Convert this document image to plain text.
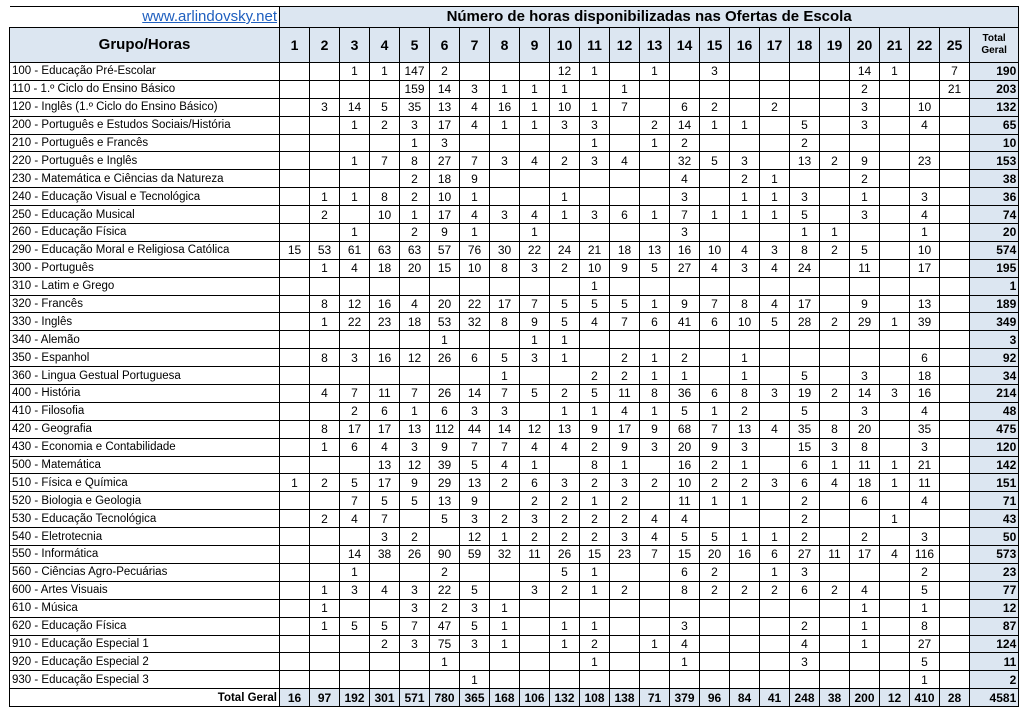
www.arlindovsky.net	Número de horas disponibilizadas nas Ofertas de Escola																							
Grupo/Horas	1	2	3	4	5	6	7	8	9	10	11	12	13	14	15	16	17	18	19	20	21	22	25	Total
Geral
100 - Educação Pré-Escolar			1	1	147	2				12	1		1		3					14	1		7	190
110 - 1.º Ciclo do Ensino Básico					159	14	3	1	1	1		1								2			21	203
120 - Inglês (1.º Ciclo do Ensino Básico)		3	14	5	35	13	4	16	1	10	1	7		6	2		2			3		10		132
200 - Português e Estudos Sociais/História			1	2	3	17	4	1	1	3	3		2	14	1	1		5		3		4		65
210 - Português e Francês					1	3					1		1	2				2						10
220 - Português e Inglês			1	7	8	27	7	3	4	2	3	4		32	5	3		13	2	9		23		153
230 - Matemática e Ciências da Natureza					2	18	9							4		2	1			2				38
240 - Educação Visual e Tecnológica		1	1	8	2	10	1			1				3		1	1	3		1		3		36
250 - Educação Musical		2		10	1	17	4	3	4	1	3	6	1	7	1	1	1	5		3		4		74
260 - Educação Física			1		2	9	1		1					3				1	1			1		20
290 - Educação Moral e Religiosa Católica	15	53	61	63	63	57	76	30	22	24	21	18	13	16	10	4	3	8	2	5		10		574
300 - Português		1	4	18	20	15	10	8	3	2	10	9	5	27	4	3	4	24		11		17		195
310 - Latim e Grego											1													1
320 - Francês		8	12	16	4	20	22	17	7	5	5	5	1	9	7	8	4	17		9		13		189
330 - Inglês		1	22	23	18	53	32	8	9	5	4	7	6	41	6	10	5	28	2	29	1	39		349
340 - Alemão						1			1	1														3
350 - Espanhol		8	3	16	12	26	6	5	3	1		2	1	2		1						6		92
360 - Lingua Gestual Portuguesa								1			2	2	1	1		1		5		3		18		34
400 - História		4	7	11	7	26	14	7	5	2	5	11	8	36	6	8	3	19	2	14	3	16		214
410 - Filosofia			2	6	1	6	3	3		1	1	4	1	5	1	2		5		3		4		48
420 - Geografia		8	17	17	13	112	44	14	12	13	9	17	9	68	7	13	4	35	8	20		35		475
430 - Economia e Contabilidade		1	6	4	3	9	7	7	4	4	2	9	3	20	9	3		15	3	8		3		120
500 - Matemática				13	12	39	5	4	1		8	1		16	2	1		6	1	11	1	21		142
510 - Física e Química	1	2	5	17	9	29	13	2	6	3	2	3	2	10	2	2	3	6	4	18	1	11		151
520 - Biologia e Geologia			7	5	5	13	9		2	2	1	2		11	1	1		2		6		4		71
530 - Educação Tecnológica		2	4	7		5	3	2	3	2	2	2	4	4				2			1			43
540 - Eletrotecnia				3	2		12	1	2	2	2	3	4	5	5	1	1	2		2		3		50
550 - Informática			14	38	26	90	59	32	11	26	15	23	7	15	20	16	6	27	11	17	4	116		573
560 - Ciências Agro-Pecuárias			1			2				5	1			6	2		1	3				2		23
600 - Artes Visuais		1	3	4	3	22	5		3	2	1	2		8	2	2	2	6	2	4		5		77
610 - Música		1			3	2	3	1												1		1		12
620 - Educação Física		1	5	5	7	47	5	1		1	1			3				2		1		8		87
910 - Educação Especial 1				2	3	75	3	1		1	2		1	4				4		1		27		124
920 - Educação Especial 2						1					1			1				3				5		11
930 - Educação Especial 3							1															1		2
Total Geral	16	97	192	301	571	780	365	168	106	132	108	138	71	379	96	84	41	248	38	200	12	410	28	4581
